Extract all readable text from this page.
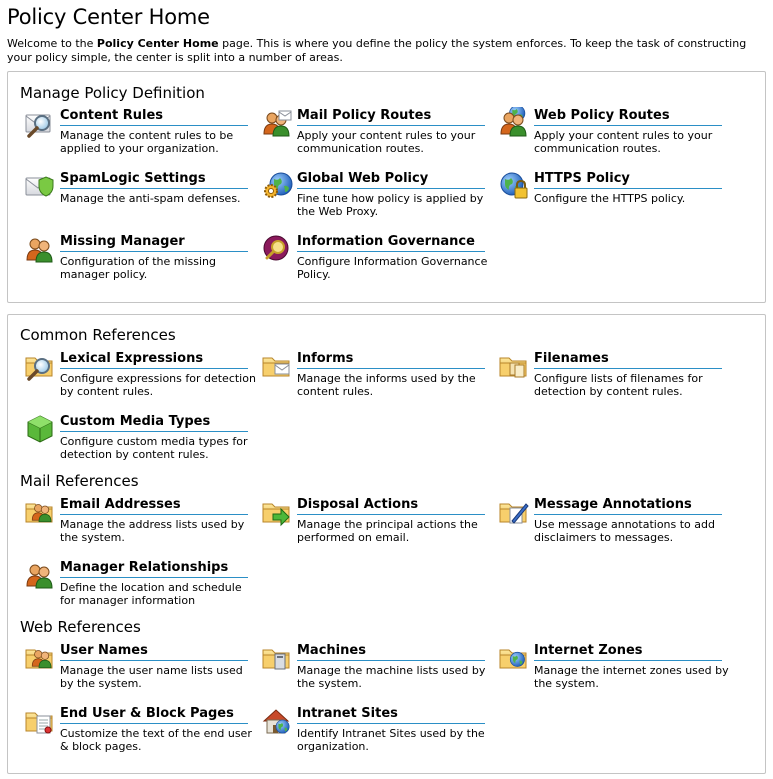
Policy Center Home
Welcome to the Policy Center Home page. This is where you define the policy the system enforces. To keep the task of constructing your policy simple, the center is split into a number of areas.
Manage Policy Definition
Content Rules
Manage the content rules to be applied to your organization.
Mail Policy Routes
Apply your content rules to your communication routes.
Web Policy Routes
Apply your content rules to your communication routes.
SpamLogic Settings
Manage the anti-spam defenses.
Global Web Policy
Fine tune how policy is applied by the Web Proxy.
HTTPS Policy
Configure the HTTPS policy.
Missing Manager
Configuration of the missing manager policy.
Information Governance
Configure Information Governance Policy.
Common References
Lexical Expressions
Configure expressions for detection by content rules.
Informs
Manage the informs used by the content rules.
Filenames
Configure lists of filenames for detection by content rules.
Custom Media Types
Configure custom media types for detection by content rules.
Mail References
Email Addresses
Manage the address lists used by the system.
Disposal Actions
Manage the principal actions the performed on email.
Message Annotations
Use message annotations to add disclaimers to messages.
Manager Relationships
Define the location and schedule for manager information
Web References
User Names
Manage the user name lists used by the system.
Machines
Manage the machine lists used by the system.
Internet Zones
Manage the internet zones used by the system.
End User & Block Pages
Customize the text of the end user & block pages.
Intranet Sites
Identify Intranet Sites used by the organization.
